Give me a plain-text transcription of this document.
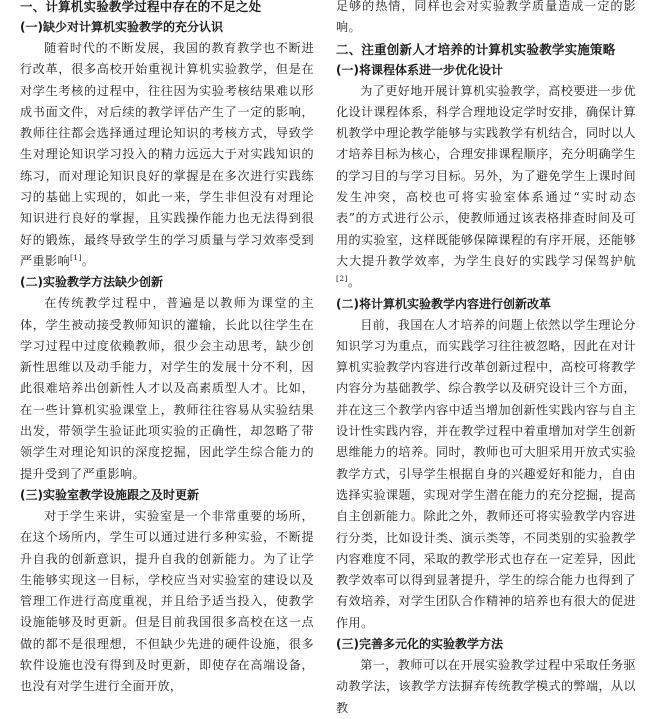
一、计算机实验教学过程中存在的不足之处

(一)缺少对计算机实验教学的充分认识

随着时代的不断发展，我国的教育教学也不断进行改革，很多高校开始重视计算机实验教学，但是在对学生考核的过程中，往往因为实验考核结果难以形成书面文件，对后续的教学评估产生了一定的影响，教师往往都会选择通过理论知识的考核方式，导致学生对理论知识学习投入的精力远远大于对实践知识的练习，而对理论知识良好的掌握是在多次进行实践练习的基础上实现的，如此一来，学生非但没有对理论知识进行良好的掌握，且实践操作能力也无法得到很好的锻炼，最终导致学生的学习质量与学习效率受到严重影响[1]。

(二)实验教学方法缺少创新

在传统教学过程中，普遍是以教师为课堂的主体，学生被动接受教师知识的灌输，长此以往学生在学习过程中过度依赖教师，很少会主动思考，缺少创新性思维以及动手能力，对学生的发展十分不利，因此很难培养出创新性人才以及高素质型人才。比如，在一些计算机实验课堂上，教师往往容易从实验结果出发，带领学生验证此项实验的正确性，却忽略了带领学生对理论知识的深度挖掘，因此学生综合能力的提升受到了严重影响。

(三)实验室教学设施跟之及时更新

对于学生来讲，实验室是一个非常重要的场所，在这个场所内，学生可以通过进行多种实验，不断提升自我的创新意识，提升自我的创新能力。为了让学生能够实现这一目标，学校应当对实验室的建设以及管理工作进行高度重视，并且给予适当投入，使教学设施能够及时更新。但是目前我国很多高校在这一点做的都不是很理想，不但缺少先进的硬件设施，很多软件设施也没有得到及时更新，即使存在高端设备，也没有对学生进行全面开放，

足够的热情，同样也会对实验教学质量造成一定的影响。

二、注重创新人才培养的计算机实验教学实施策略

(一)将课程体系进一步优化设计

为了更好地开展计算机实验教学，高校要进一步优化设计课程体系，科学合理地设定学时安排，确保计算机教学中理论教学能够与实践教学有机结合，同时以人才培养目标为核心，合理安排课程顺序，充分明确学生的学习目的与学习目标。另外，为了避免学生上课时间发生冲突，高校也可将实验室体系通过“实时动态表”的方式进行公示，使教师通过该表格排查时间及可用的实验室，这样既能够保障课程的有序开展，还能够大大提升教学效率，为学生良好的实践学习保驾护航[2]。

(二)将计算机实验教学内容进行创新改革

目前，我国在人才培养的问题上依然以学生理论分知识学习为重点，而实践学习往往被忽略，因此在对计算机实验教学内容进行改革创新过程中，高校可将教学内容分为基础教学、综合教学以及研究设计三个方面，并在这三个教学内容中适当增加创新性实践内容与自主设计性实践内容，并在教学过程中着重增加对学生创新思维能力的培养。同时，教师也可大胆采用开放式实验教学方式，引导学生根据自身的兴趣爱好和能力，自由选择实验课题，实现对学生潜在能力的充分挖掘，提高自主创新能力。除此之外，教师还可将实验教学内容进行分类，比如设计类、演示类等，不同类别的实验教学内容难度不同，采取的教学形式也存在一定差异，因此教学效率可以得到显著提升，学生的综合能力也得到了有效培养，对学生团队合作精神的培养也有很大的促进作用。

(三)完善多元化的实验教学方法

第一，教师可以在开展实验教学过程中采取任务驱动教学法，该教学方法摒弃传统教学模式的弊端，从以教
